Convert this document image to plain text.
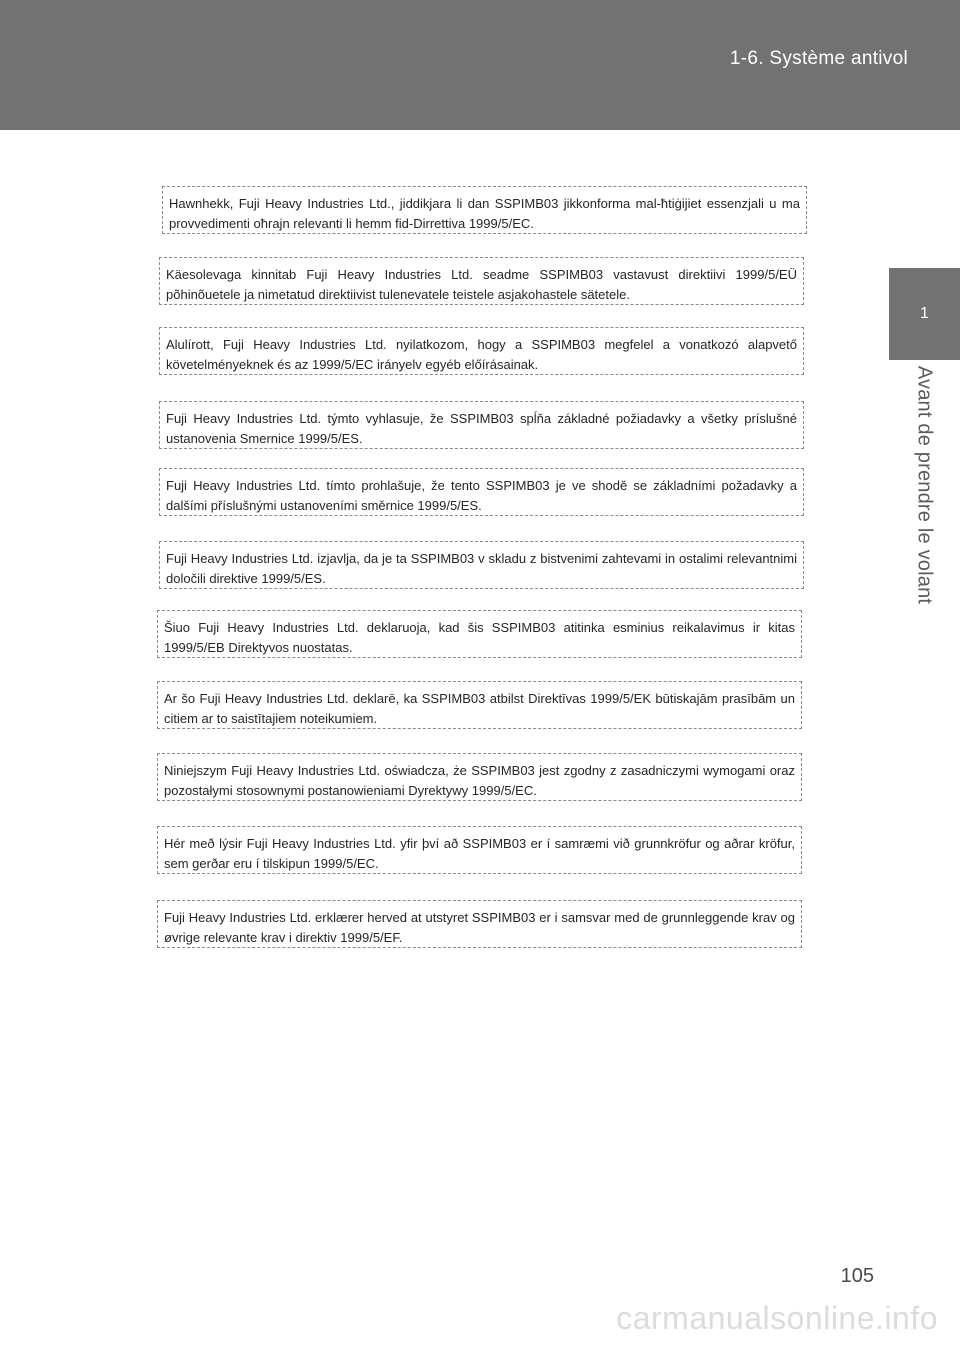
1-6. Système antivol
1
Avant de prendre le volant
Hawnhekk, Fuji Heavy Industries Ltd., jiddikjara li dan SSPIMB03 jikkonforma mal-ħtiġijiet essenzjali u ma provvedimenti oħrajn relevanti li hemm fid-Dirrettiva 1999/5/EC.
Käesolevaga kinnitab Fuji Heavy Industries Ltd. seadme SSPIMB03 vastavust direktiivi 1999/5/EÜ põhinõuetele ja nimetatud direktiivist tulenevatele teistele asjakohastele sätetele.
Alulírott, Fuji Heavy Industries Ltd. nyilatkozom, hogy a SSPIMB03 megfelel a vonatkozó alapvető követelményeknek és az 1999/5/EC irányelv egyéb előírásainak.
Fuji Heavy Industries Ltd. týmto vyhlasuje, že SSPIMB03 spĺňa základné požiadavky a všetky príslušné ustanovenia Smernice 1999/5/ES.
Fuji Heavy Industries Ltd. tímto prohlašuje, že tento SSPIMB03 je ve shodě se základními požadavky a dalšími příslušnými ustanoveními směrnice 1999/5/ES.
Fuji Heavy Industries Ltd. izjavlja, da je ta SSPIMB03 v skladu z bistvenimi zahtevami in ostalimi relevantnimi določili direktive 1999/5/ES.
Šiuo Fuji Heavy Industries Ltd. deklaruoja, kad šis SSPIMB03 atitinka esminius reikalavimus ir kitas 1999/5/EB Direktyvos nuostatas.
Ar šo Fuji Heavy Industries Ltd. deklarē, ka SSPIMB03 atbilst Direktīvas 1999/5/EK būtiskajām prasībām un citiem ar to saistītajiem noteikumiem.
Niniejszym Fuji Heavy Industries Ltd. oświadcza, że SSPIMB03 jest zgodny z zasadniczymi wymogami oraz pozostałymi stosownymi postanowieniami Dyrektywy 1999/5/EC.
Hér með lýsir Fuji Heavy Industries Ltd. yfir því að SSPIMB03 er í samræmi við grunnkröfur og aðrar kröfur, sem gerðar eru í tilskipun 1999/5/EC.
Fuji Heavy Industries Ltd. erklærer herved at utstyret SSPIMB03 er i samsvar med de grunnleggende krav og øvrige relevante krav i direktiv 1999/5/EF.
105
carmanualsonline.info
